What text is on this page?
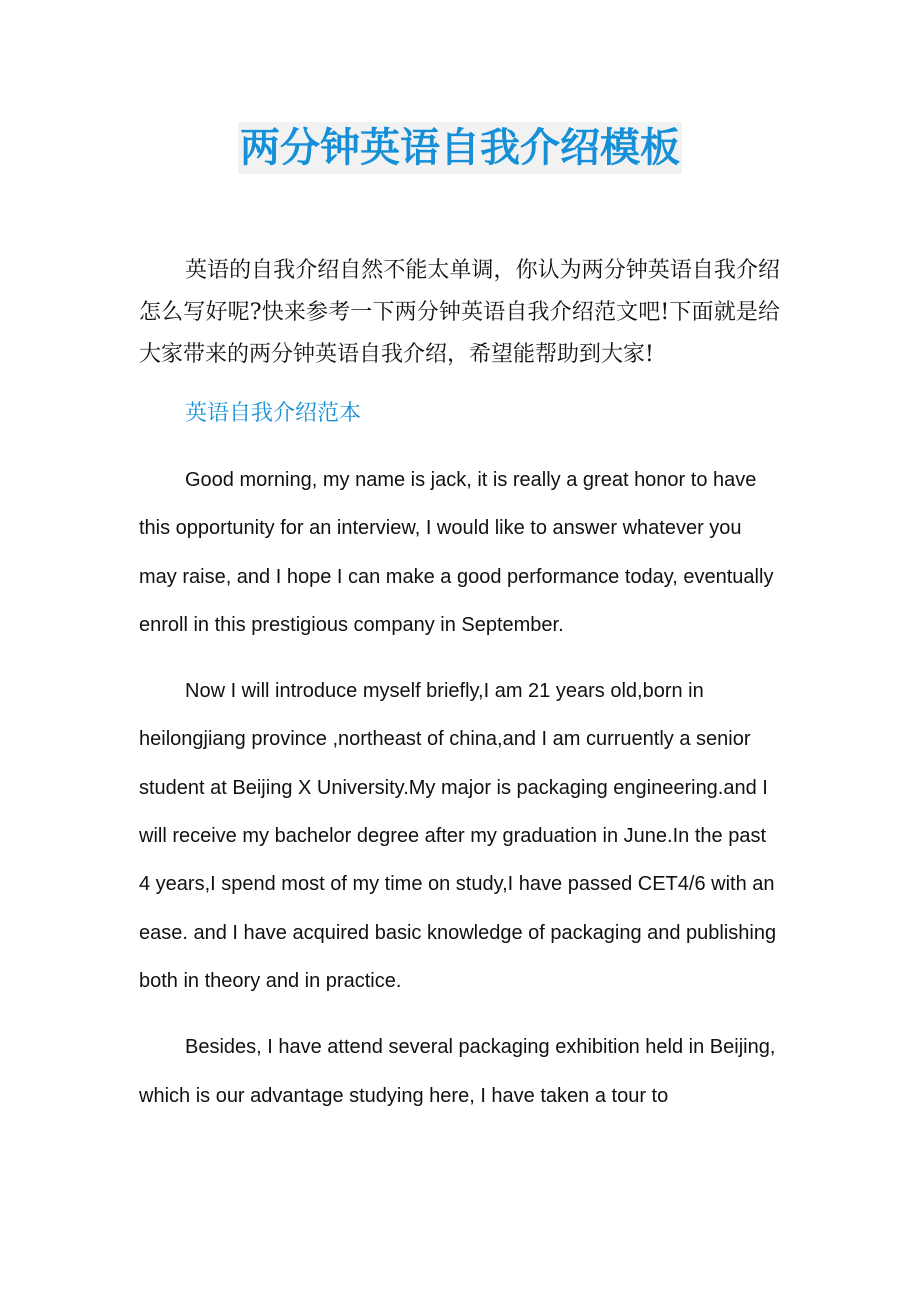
两分钟英语自我介绍模板

英语的自我介绍自然不能太单调，你认为两分钟英语自我介绍怎么写好呢?快来参考一下两分钟英语自我介绍范文吧!下面就是给大家带来的两分钟英语自我介绍，希望能帮助到大家!

英语自我介绍范本

Good morning, my name is jack, it is really a great honor to have this opportunity for an interview, I would like to answer whatever you may raise, and I hope I can make a good performance today, eventually enroll in this prestigious company in September.

Now I will introduce myself briefly,I am 21 years old,born in heilongjiang province ,northeast of china,and I am curruently a senior student at Beijing X University.My major is packaging engineering.and I will receive my bachelor degree after my graduation in June.In the past 4 years,I spend most of my time on study,I have passed CET4/6 with an ease. and I have acquired basic knowledge of packaging and publishing both in theory and in practice.

Besides, I have attend several packaging exhibition held in Beijing, which is our advantage studying here, I have taken a tour to
